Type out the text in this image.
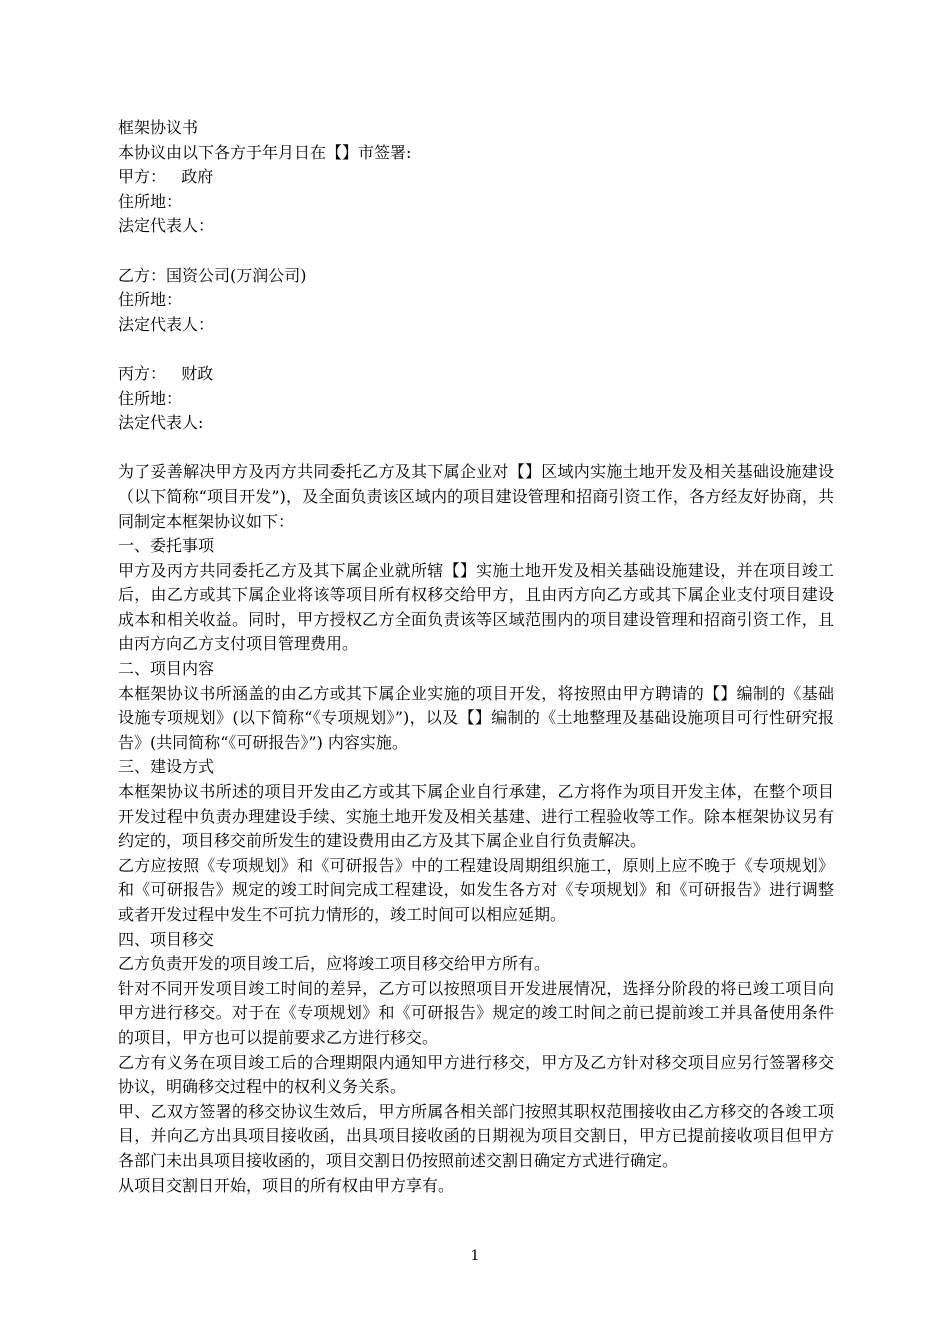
框架协议书
本协议由以下各方于年月日在【】市签署:
甲方：   政府
住所地：
法定代表人：
乙方：国资公司(万润公司)
住所地：
法定代表人：
丙方：   财政
住所地：
法定代表人:

为了妥善解决甲方及丙方共同委托乙方及其下属企业对【】区域内实施土地开发及相关基础设施建设（以下简称“项目开发”)，及全面负责该区域内的项目建设管理和招商引资工作，各方经友好协商，共同制定本框架协议如下：

一、委托事项

甲方及丙方共同委托乙方及其下属企业就所辖【】实施土地开发及相关基础设施建设，并在项目竣工后，由乙方或其下属企业将该等项目所有权移交给甲方，且由丙方向乙方或其下属企业支付项目建设成本和相关收益。同时，甲方授权乙方全面负责该等区域范围内的项目建设管理和招商引资工作，且由丙方向乙方支付项目管理费用。

二、项目内容

本框架协议书所涵盖的由乙方或其下属企业实施的项目开发，将按照由甲方聘请的【】编制的《基础设施专项规划》(以下简称“《专项规划》”)，以及【】编制的《土地整理及基础设施项目可行性研究报告》(共同简称“《可研报告》”) 内容实施。

三、建设方式

本框架协议书所述的项目开发由乙方或其下属企业自行承建，乙方将作为项目开发主体，在整个项目开发过程中负责办理建设手续、实施土地开发及相关基建、进行工程验收等工作。除本框架协议另有约定的，项目移交前所发生的建设费用由乙方及其下属企业自行负责解决。

乙方应按照《专项规划》和《可研报告》中的工程建设周期组织施工，原则上应不晚于《专项规划》和《可研报告》规定的竣工时间完成工程建设，如发生各方对《专项规划》和《可研报告》进行调整或者开发过程中发生不可抗力情形的，竣工时间可以相应延期。

四、项目移交

乙方负责开发的项目竣工后，应将竣工项目移交给甲方所有。

针对不同开发项目竣工时间的差异，乙方可以按照项目开发进展情况，选择分阶段的将已竣工项目向甲方进行移交。对于在《专项规划》和《可研报告》规定的竣工时间之前已提前竣工并具备使用条件的项目，甲方也可以提前要求乙方进行移交。

乙方有义务在项目竣工后的合理期限内通知甲方进行移交，甲方及乙方针对移交项目应另行签署移交协议，明确移交过程中的权利义务关系。

甲、乙双方签署的移交协议生效后，甲方所属各相关部门按照其职权范围接收由乙方移交的各竣工项目，并向乙方出具项目接收函，出具项目接收函的日期视为项目交割日，甲方已提前接收项目但甲方各部门未出具项目接收函的，项目交割日仍按照前述交割日确定方式进行确定。

从项目交割日开始，项目的所有权由甲方享有。

1
